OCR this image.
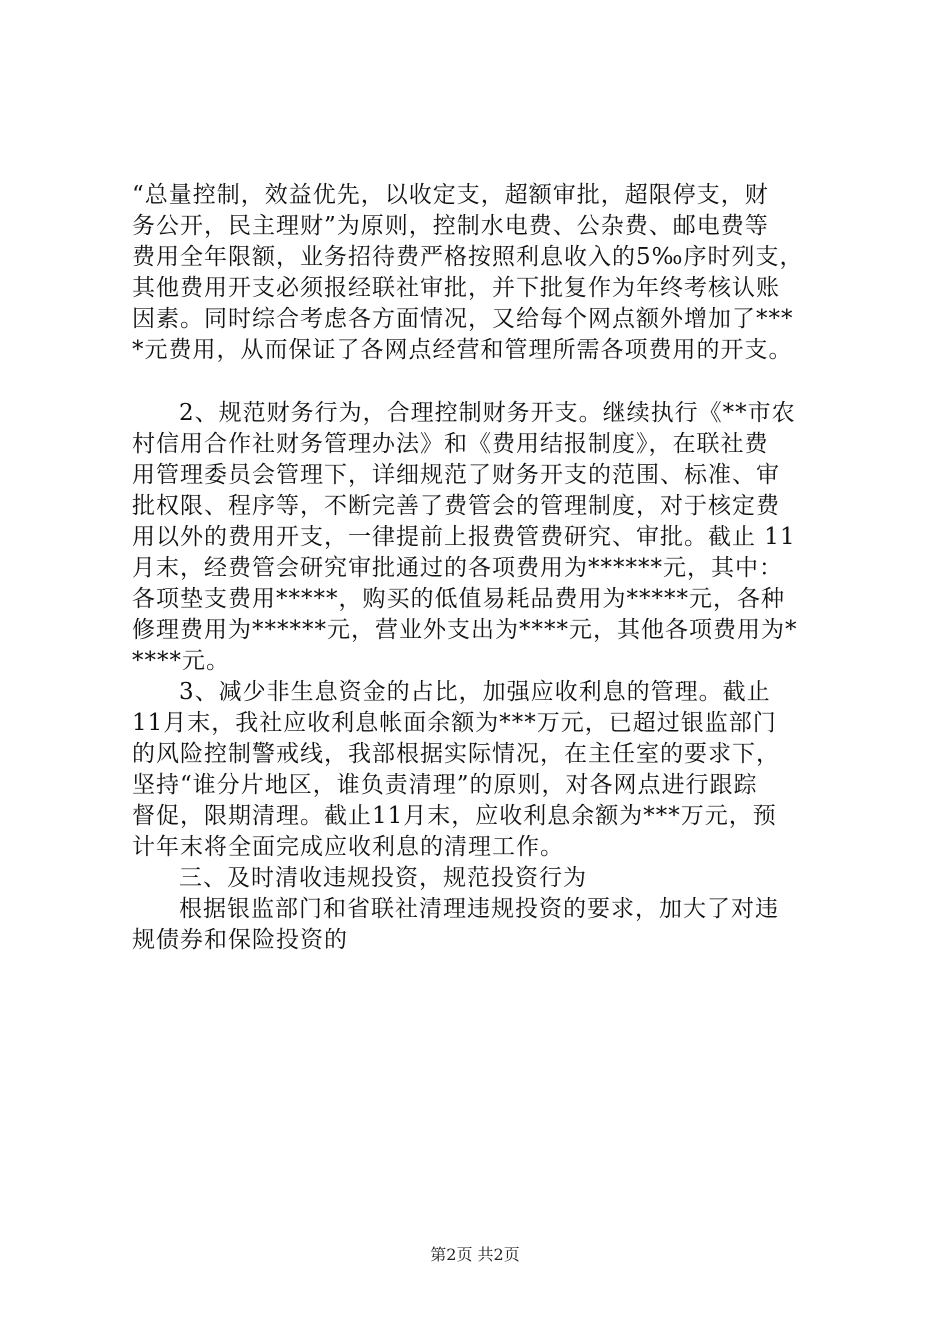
“总量控制，效益优先，以收定支，超额审批，超限停支，财
务公开，民主理财”为原则，控制水电费、公杂费、邮电费等
费用全年限额，业务招待费严格按照利息收入的5‰序时列支，
其他费用开支必须报经联社审批，并下批复作为年终考核认账
因素。同时综合考虑各方面情况，又给每个网点额外增加了***
*元费用，从而保证了各网点经营和管理所需各项费用的开支。
2、规范财务行为，合理控制财务开支。继续执行《**市农
村信用合作社财务管理办法》和《费用结报制度》，在联社费
用管理委员会管理下，详细规范了财务开支的范围、标准、审
批权限、程序等，不断完善了费管会的管理制度，对于核定费
用以外的费用开支，一律提前上报费管费研究、审批。截止 11
月末，经费管会研究审批通过的各项费用为******元，其中：
各项垫支费用*****，购买的低值易耗品费用为*****元，各种
修理费用为******元，营业外支出为****元，其他各项费用为*
****元。
3、减少非生息资金的占比，加强应收利息的管理。截止
11月末，我社应收利息帐面余额为***万元，已超过银监部门
的风险控制警戒线，我部根据实际情况，在主任室的要求下，
坚持“谁分片地区，谁负责清理”的原则，对各网点进行跟踪
督促，限期清理。截止11月末，应收利息余额为***万元，预
计年末将全面完成应收利息的清理工作。
三、及时清收违规投资，规范投资行为
根据银监部门和省联社清理违规投资的要求，加大了对违
规债券和保险投资的
第2页 共2页
